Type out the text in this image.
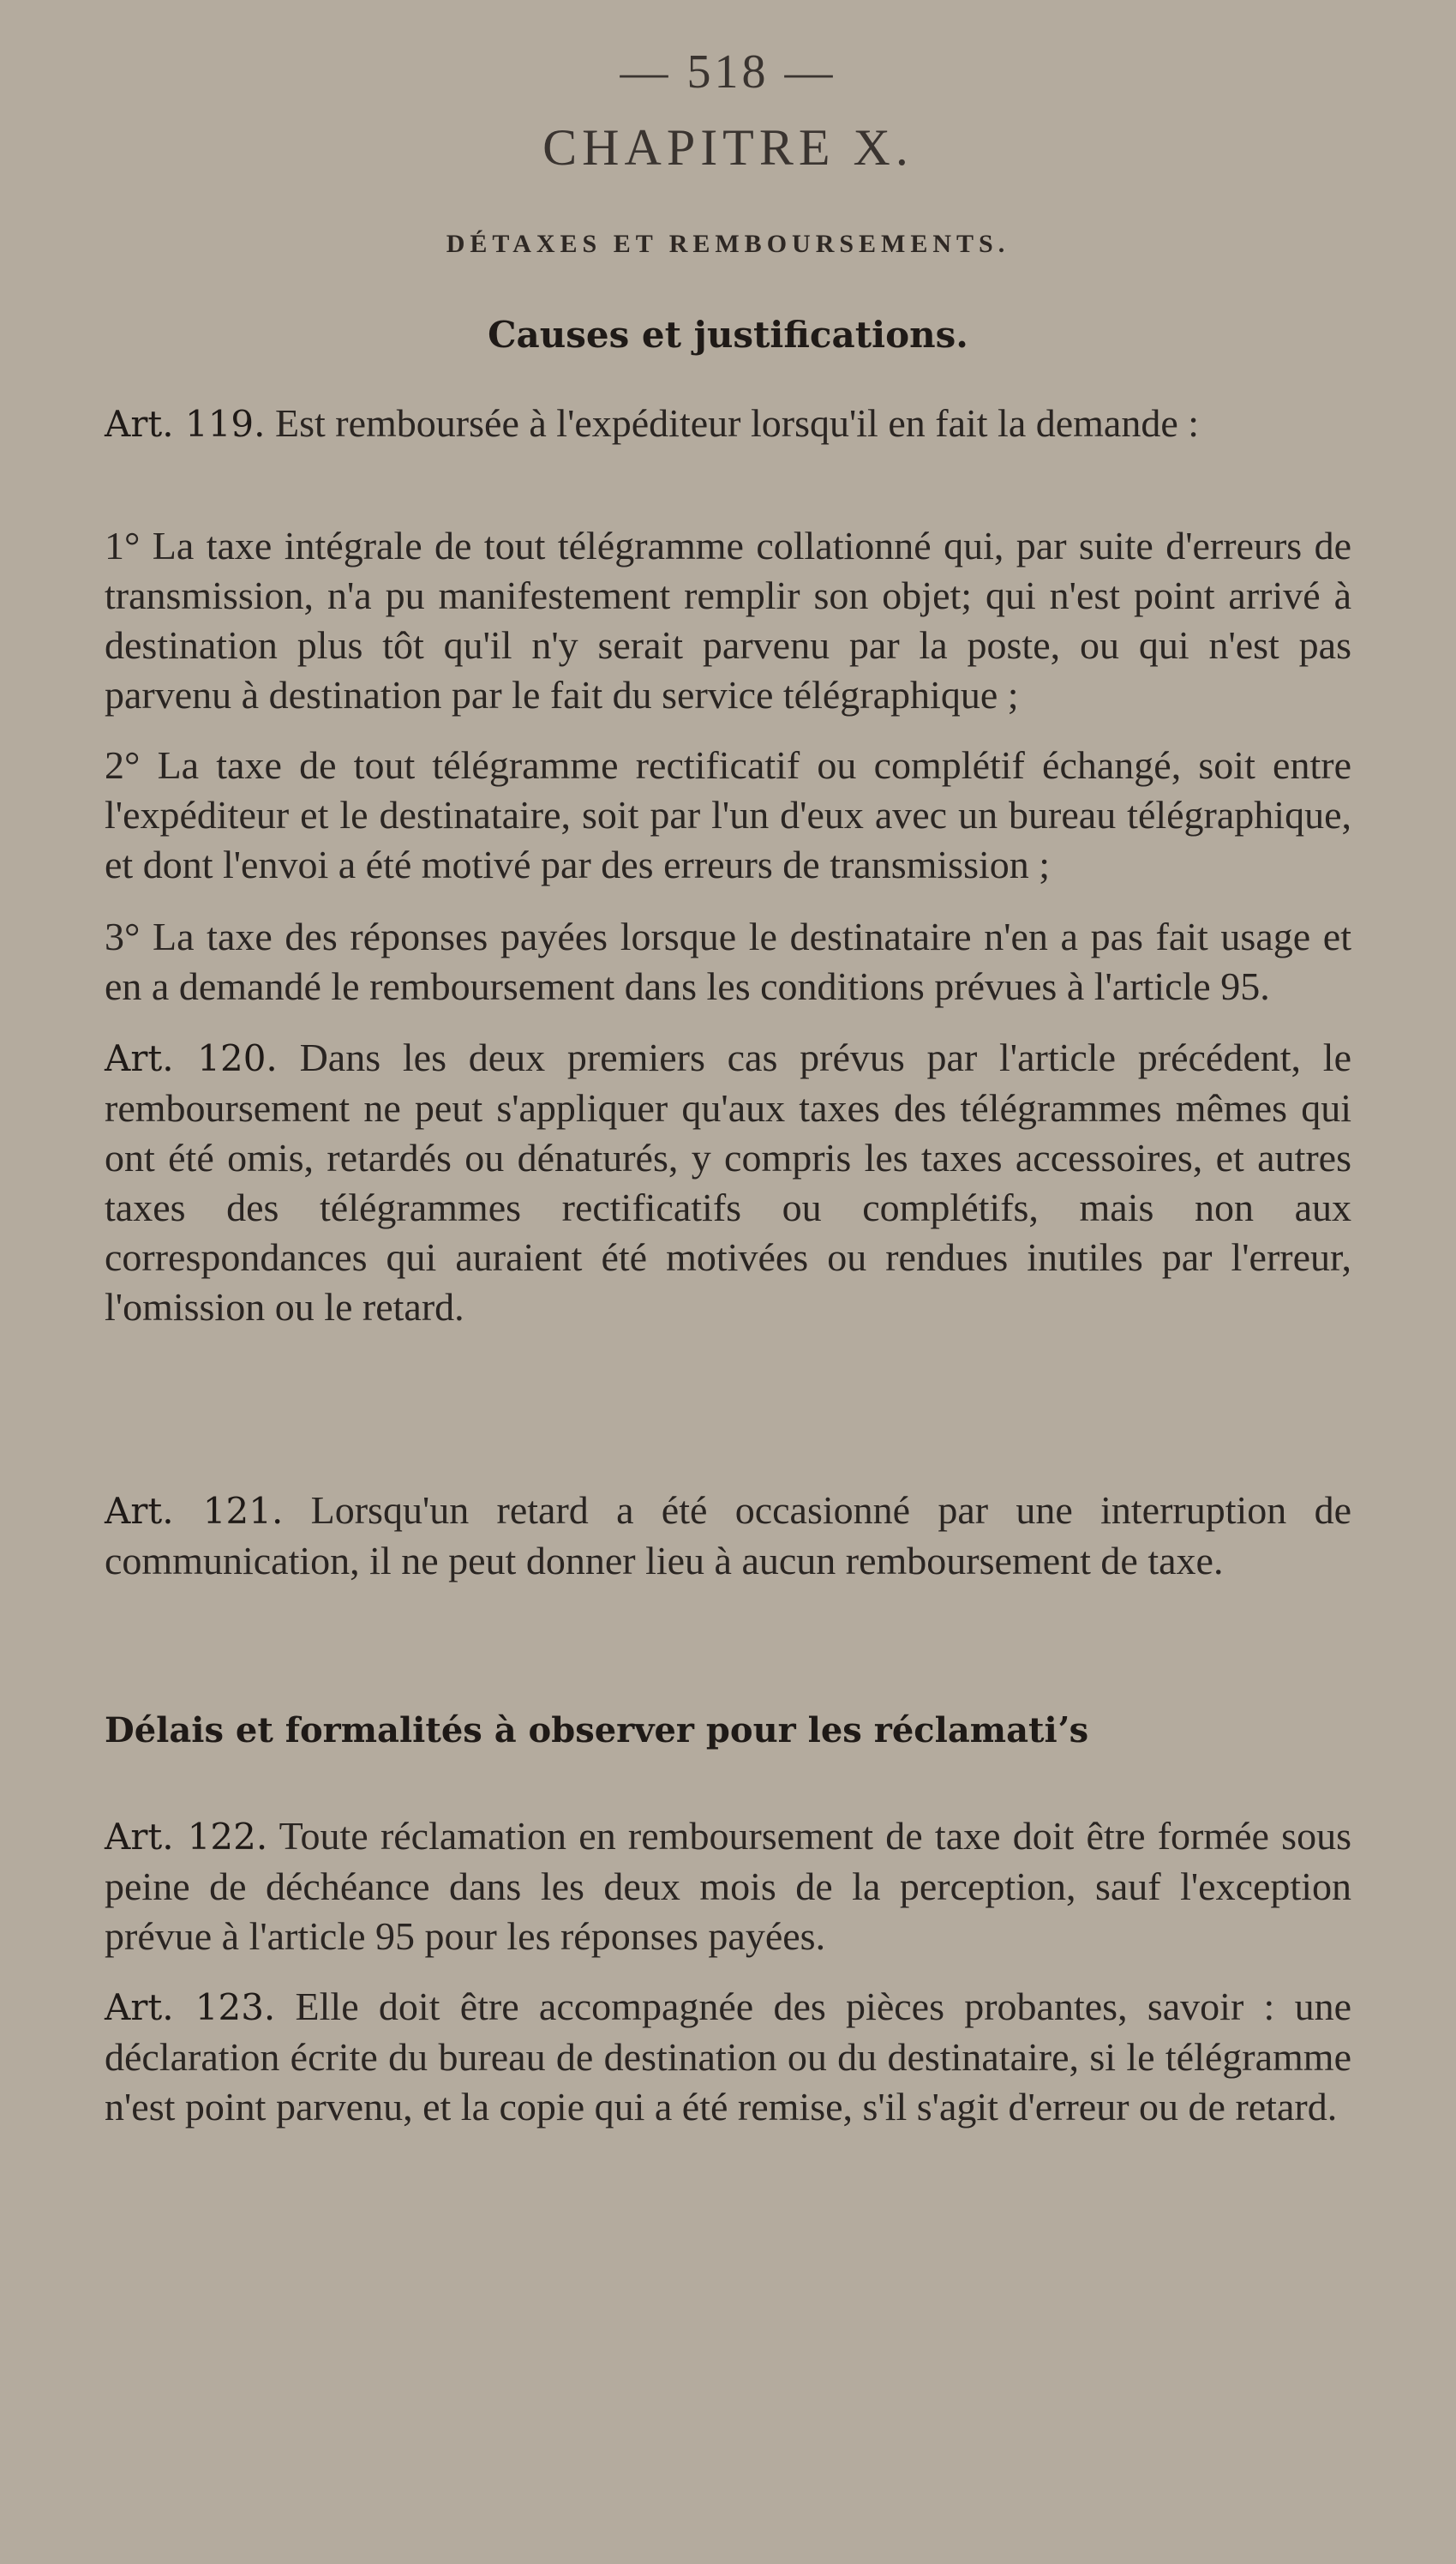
— 518 —
CHAPITRE X.
DÉTAXES ET REMBOURSEMENTS.
Causes et justifications.
Art. 119. Est remboursée à l'expéditeur lorsqu'il en fait la demande :
1° La taxe intégrale de tout télégramme collationné qui, par suite d'erreurs de transmission, n'a pu manifestement remplir son objet; qui n'est point arrivé à destination plus tôt qu'il n'y serait parvenu par la poste, ou qui n'est pas parvenu à destination par le fait du service télégraphique ;
2° La taxe de tout télégramme rectificatif ou complétif échangé, soit entre l'expéditeur et le destinataire, soit par l'un d'eux avec un bureau télégraphique, et dont l'envoi a été motivé par des erreurs de transmission ;
3° La taxe des réponses payées lorsque le destinataire n'en a pas fait usage et en a demandé le remboursement dans les conditions prévues à l'article 95.
Art. 120. Dans les deux premiers cas prévus par l'article précédent, le remboursement ne peut s'appliquer qu'aux taxes des télégrammes mêmes qui ont été omis, retardés ou dénaturés, y compris les taxes accessoires, et autres taxes des télégrammes rectificatifs ou complétifs, mais non aux correspondances qui auraient été motivées ou rendues inutiles par l'erreur, l'omission ou le retard.
Art. 121. Lorsqu'un retard a été occasionné par une interruption de communication, il ne peut donner lieu à aucun remboursement de taxe.
Délais et formalités à observer pour les réclamatiʼs
Art. 122. Toute réclamation en remboursement de taxe doit être formée sous peine de déchéance dans les deux mois de la perception, sauf l'exception prévue à l'article 95 pour les réponses payées.
Art. 123. Elle doit être accompagnée des pièces probantes, savoir : une déclaration écrite du bureau de destination ou du destinataire, si le télégramme n'est point parvenu, et la copie qui a été remise, s'il s'agit d'erreur ou de retard.
